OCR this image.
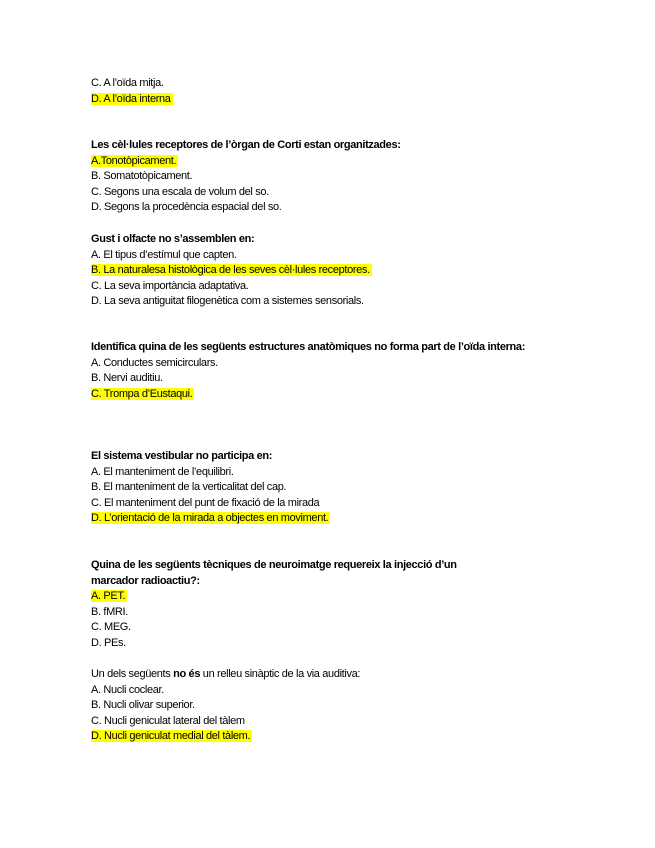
C. A l’oïda mitja.
D. A l’oïda interna
Les cèl·lules receptores de l’òrgan de Corti estan organitzades:
A.Tonotòpicament.
B. Somatotòpicament.
C. Segons una escala de volum del so.
D. Segons la procedència espacial del so.
Gust i olfacte no s’assemblen en:
A. El tipus d’estímul que capten.
B. La naturalesa histològica de les seves cèl·lules receptores.
C. La seva importància adaptativa.
D. La seva antiguitat filogenètica com a sistemes sensorials.
Identifica quina de les següents estructures anatòmiques no forma part de l’oïda interna:
A. Conductes semicirculars.
B. Nervi auditiu.
C. Trompa d’Eustaqui.
El sistema vestibular no participa en:
A. El manteniment de l’equilibri.
B. El manteniment de la verticalitat del cap.
C. El manteniment del punt de fixació de la mirada
D. L’orientació de la mirada a objectes en moviment.
Quina de les següents tècniques de neuroimatge requereix la injecció d’un marcador radioactiu?:
A. PET.
B. fMRI.
C. MEG.
D. PEs.
Un dels següents no és un relleu sinàptic de la via auditiva:
A. Nucli coclear.
B. Nucli olivar superior.
C. Nucli geniculat lateral del tàlem
D. Nucli geniculat medial del tàlem.
